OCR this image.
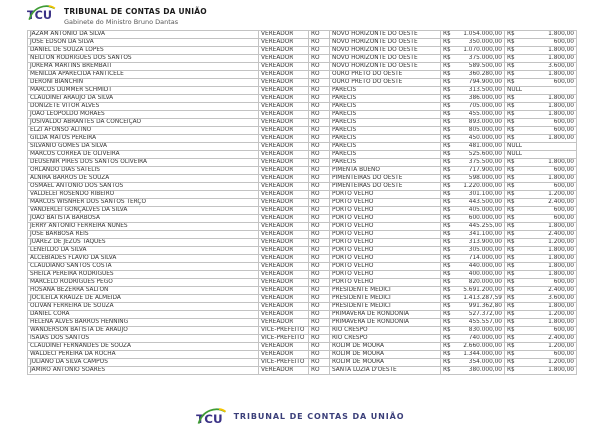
TCU TRIBUNAL DE CONTAS DA UNIÃO
Gabinete do Ministro Bruno Dantas
JAZAM ANTONIO DA SILVA	VEREADOR	RO	NOVO HORIZONTE DO OESTE	R$ 1.054.000,00	R$ 1.800,00

JOSÉ EDSON DA SILVA	VEREADOR	RO	NOVO HORIZONTE DO OESTE	R$ 350.000,00	R$ 600,00

DANIEL DE SOUZA LOPES	VEREADOR	RO	NOVO HORIZONTE DO OESTE	R$ 1.070.000,00	R$ 1.800,00

NEILTON RODRIGUES DOS SANTOS	VEREADOR	RO	NOVO HORIZONTE DO OESTE	R$ 375.000,00	R$ 1.800,00

JUREMA MARTINS BREMBATI	VEREADOR	RO	NOVO HORIZONTE DO OESTE	R$ 589.500,00	R$ 3.600,00

MENILDA APARECIDA FANTICELE	VEREADOR	RO	OURO PRETO DO OESTE	R$ 360.280,00	R$ 1.800,00

DERONI BIANCHIN	VEREADOR	RO	OURO PRETO DO OESTE	R$ 794.900,00	R$ 600,00

MARCOS DUMMER SCHMIDT	VEREADOR	RO	PARECIS	R$ 313.500,00	NULL
CLAUDINEI ARAUJO DA SILVA	VEREADOR	RO	PARECIS	R$ 386.000,00	R$ 1.800,00

DONIZETE VITOR ALVES	VEREADOR	RO	PARECIS	R$ 705.000,00	R$ 1.800,00

JOÃO LEOPOLDO MORAES	VEREADOR	RO	PARECIS	R$ 455.000,00	R$ 1.800,00

JOSIVALDO ABRANTES DA CONCEIÇÃO	VEREADOR	RO	PARECIS	R$ 893.000,00	R$ 600,00

ELZI AFONSO ALTINO	VEREADOR	RO	PARECIS	R$ 805.000,00	R$ 600,00

GILDA MATOS PEREIRA	VEREADOR	RO	PARECIS	R$ 450.000,00	R$ 1.800,00

SILVANIO GOMES DA SILVA	VEREADOR	RO	PARECIS	R$ 481.000,00	NULL
MARCOS CORREA DE OLIVEIRA	VEREADOR	RO	PARECIS	R$ 525.600,00	NULL
DEUSENIR PIRES DOS SANTOS OLIVEIRA	VEREADOR	RO	PARECIS	R$ 375.500,00	R$ 1.800,00

ORLANDO DIAS SATELIS	VEREADOR	RO	PIMENTA BUENO	R$ 717.900,00	R$ 600,00

ALNIRA BARROS DE SOUZA	VEREADOR	RO	PIMENTEIRAS DO OESTE	R$ 598.000,00	R$ 1.800,00

OSMAEL ANTONIO DOS SANTOS	VEREADOR	RO	PIMENTEIRAS DO OESTE	R$ 1.220.000,00	R$ 600,00

VALDELEI ROSENDO RIBEIRO	VEREADOR	RO	PORTO VELHO	R$ 301.100,00	R$ 1.200,00

MARCOS WISNHER DOS SANTOS TERÇO	VEREADOR	RO	PORTO VELHO	R$ 443.500,00	R$ 2.400,00

VANDERLEI GONÇALVES DA SILVA	VEREADOR	RO	PORTO VELHO	R$ 405.000,00	R$ 600,00

JOAO BATISTA BARBOSA	VEREADOR	RO	PORTO VELHO	R$ 600.000,00	R$ 600,00

JERRY ANTONIO FERREIRA NUNES	VEREADOR	RO	PORTO VELHO	R$ 445.255,00	R$ 1.800,00

JOSE BARBOSA REIS	VEREADOR	RO	PORTO VELHO	R$ 341.100,00	R$ 2.400,00

JUAREZ DE JEZUS TAQUES	VEREADOR	RO	PORTO VELHO	R$ 313.900,00	R$ 1.200,00

LENEILDO DA SILVA	VEREADOR	RO	PORTO VELHO	R$ 305.000,00	R$ 1.800,00

ALCEBIADES FLAVIO DA SILVA	VEREADOR	RO	PORTO VELHO	R$ 714.000,00	R$ 1.800,00

CLAUDIANO SANTOS COSTA	VEREADOR	RO	PORTO VELHO	R$ 440.000,00	R$ 1.800,00

SHEILA PEREIRA RODRIGUES	VEREADOR	RO	PORTO VELHO	R$ 400.000,00	R$ 1.800,00

MARCELO RODRIGUES PEGO	VEREADOR	RO	PORTO VELHO	R$ 820.000,00	R$ 600,00

HOSANA BEZERRA SALTON	VEREADOR	RO	PRESIDENTE MÉDICI	R$ 5.691.200,00	R$ 2.400,00

JOCILEILA KRAUZE DE ALMEIDA	VEREADOR	RO	PRESIDENTE MÉDICI	R$ 1.413.287,59	R$ 3.600,00

OLIVAN FERREIRA DE SOUZA	VEREADOR	RO	PRESIDENTE MÉDICI	R$ 991.362,80	R$ 1.800,00

DANIEL CORÁ	VEREADOR	RO	PRIMAVERA DE RONDÔNIA	R$ 527.372,00	R$ 1.200,00

HELENA ALVES BARROS HENNING	VEREADOR	RO	PRIMAVERA DE RONDÔNIA	R$ 455.557,00	R$ 1.800,00

WANDERSON BATISTA DE ARAUJO	VICE-PREFEITO	RO	RIO CRESPO	R$ 830.000,00	R$ 600,00

ISAIAS DOS SANTOS	VICE-PREFEITO	RO	RIO CRESPO	R$ 740.000,00	R$ 2.400,00

CLAUDINEI FERNANDES DE SOUZA	VEREADOR	RO	ROLIM DE MOURA	R$ 2.660.000,00	R$ 1.200,00

WALDECI PEREIRA DA ROCHA	VEREADOR	RO	ROLIM DE MOURA	R$ 1.344.000,00	R$ 600,00

JULIANO DA SILVA CAMPOS	VICE-PREFEITO	RO	ROLIM DE MOURA	R$ 354.000,00	R$ 1.200,00

JAMIRO ANTONIO SOARES	VEREADOR	RO	SANTA LUZIA D'OESTE	R$ 380.000,00	R$ 1.800,00
TCU TRIBUNAL DE CONTAS DA UNIÃO
